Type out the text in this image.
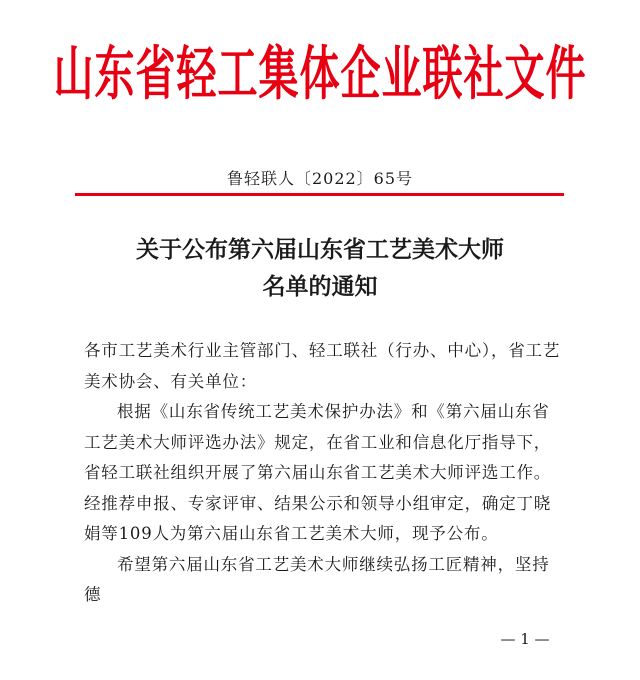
山东省轻工集体企业联社文件
鲁轻联人〔2022〕65号
关于公布第六届山东省工艺美术大师
名单的通知

各市工艺美术行业主管部门、轻工联社（行办、中心），省工艺美术协会、有关单位：

根据《山东省传统工艺美术保护办法》和《第六届山东省工艺美术大师评选办法》规定，在省工业和信息化厅指导下，省轻工联社组织开展了第六届山东省工艺美术大师评选工作。经推荐申报、专家评审、结果公示和领导小组审定，确定丁晓娟等109人为第六届山东省工艺美术大师，现予公布。

希望第六届山东省工艺美术大师继续弘扬工匠精神，坚持德

— 1 —
